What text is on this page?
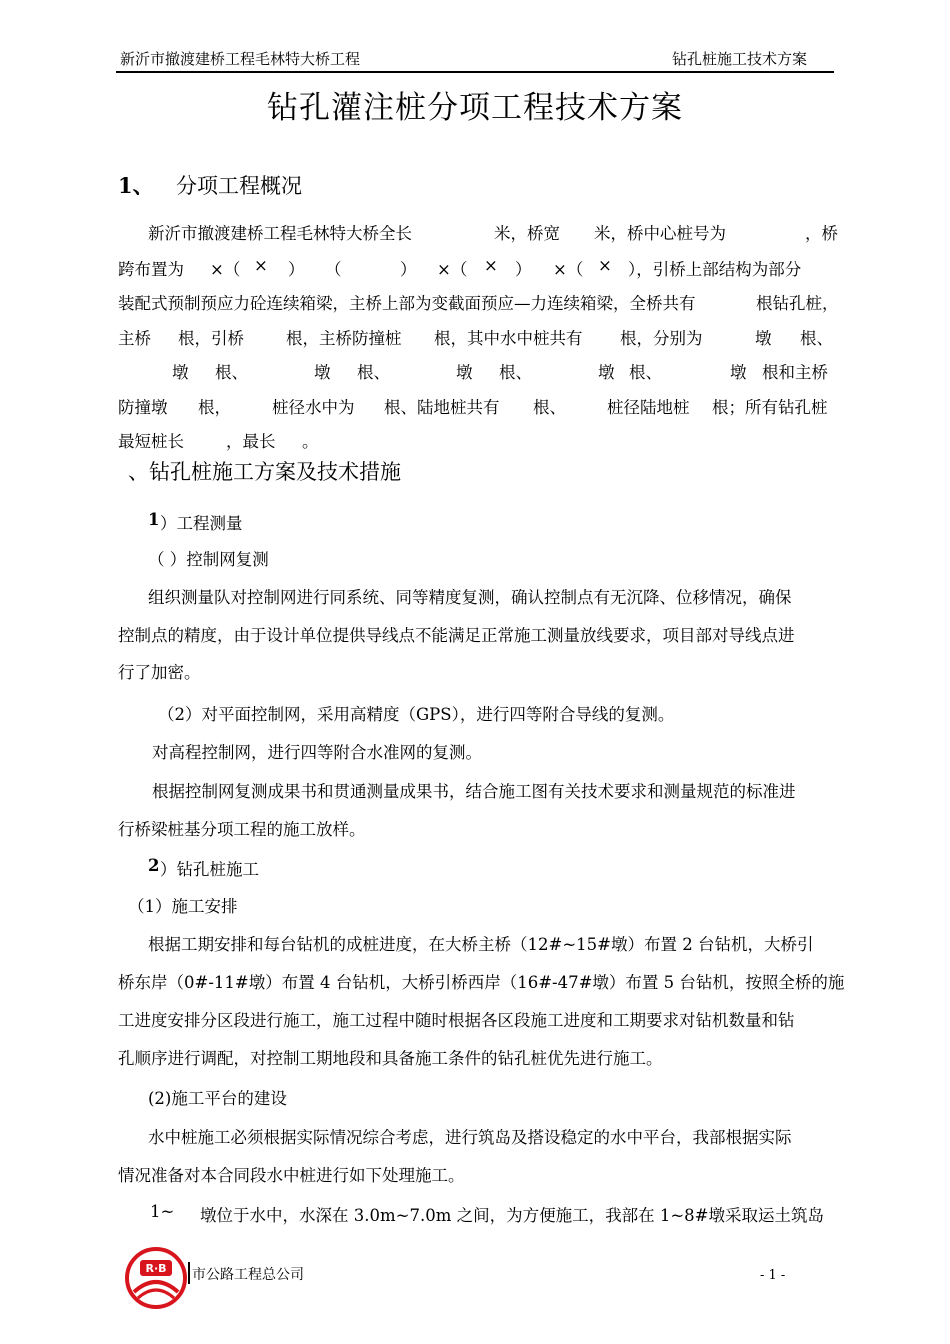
新沂市撤渡建桥工程毛林特大桥工程	钻孔桩施工技术方案
钻孔灌注桩分项工程技术方案
1、 分项工程概况
新沂市撤渡建桥工程毛林特大桥全长	米，桥宽 米，桥中心桩号为	，桥
跨布置为 ×（ × ） （	） ×（ × ） ×（ × ），引桥上部结构为部分
装配式预制预应力砼连续箱梁，主桥上部为变截面预应—力连续箱梁，全桥共有	根钻孔桩，
主桥 根，引桥	根，主桥防撞桩 根，其中水中桩共有 根，分别为	墩 根、
墩 根、	墩 根、	墩 根、	墩 根、	墩 根和主桥
防撞墩 根， 桩径水中为 根、陆地桩共有 根、 桩径陆地桩 根；所有钻孔桩
最短桩长	，最长 。
、钻孔桩施工方案及技术措施
1 ）工程测量
（ ）控制网复测
组织测量队对控制网进行同系统、同等精度复测，确认控制点有无沉降、位移情况，确保
控制点的精度，由于设计单位提供导线点不能满足正常施工测量放线要求，项目部对导线点进
行了加密。
（2）对平面控制网，采用高精度（GPS），进行四等附合导线的复测。
对高程控制网，进行四等附合水准网的复测。
根据控制网复测成果书和贯通测量成果书，结合施工图有关技术要求和测量规范的标准进
行桥梁桩基分项工程的施工放样。
2 ）钻孔桩施工
（1）施工安排
根据工期安排和每台钻机的成桩进度，在大桥主桥（12#~15#墩）布置 2 台钻机，大桥引
桥东岸（0#-11#墩）布置 4 台钻机，大桥引桥西岸（16#-47#墩）布置 5 台钻机，按照全桥的施
工进度安排分区段进行施工，施工过程中随时根据各区段施工进度和工期要求对钻机数量和钻
孔顺序进行调配，对控制工期地段和具备施工条件的钻孔桩优先进行施工。
(2)施工平台的建设
水中桩施工必须根据实际情况综合考虑，进行筑岛及搭设稳定的水中平台，我部根据实际
情况准备对本合同段水中桩进行如下处理施工。
1~ 墩位于水中，水深在 3.0m~7.0m 之间，为方便施工，我部在 1~8#墩采取运土筑岛
R·B 市公路工程总公司	- 1 -
